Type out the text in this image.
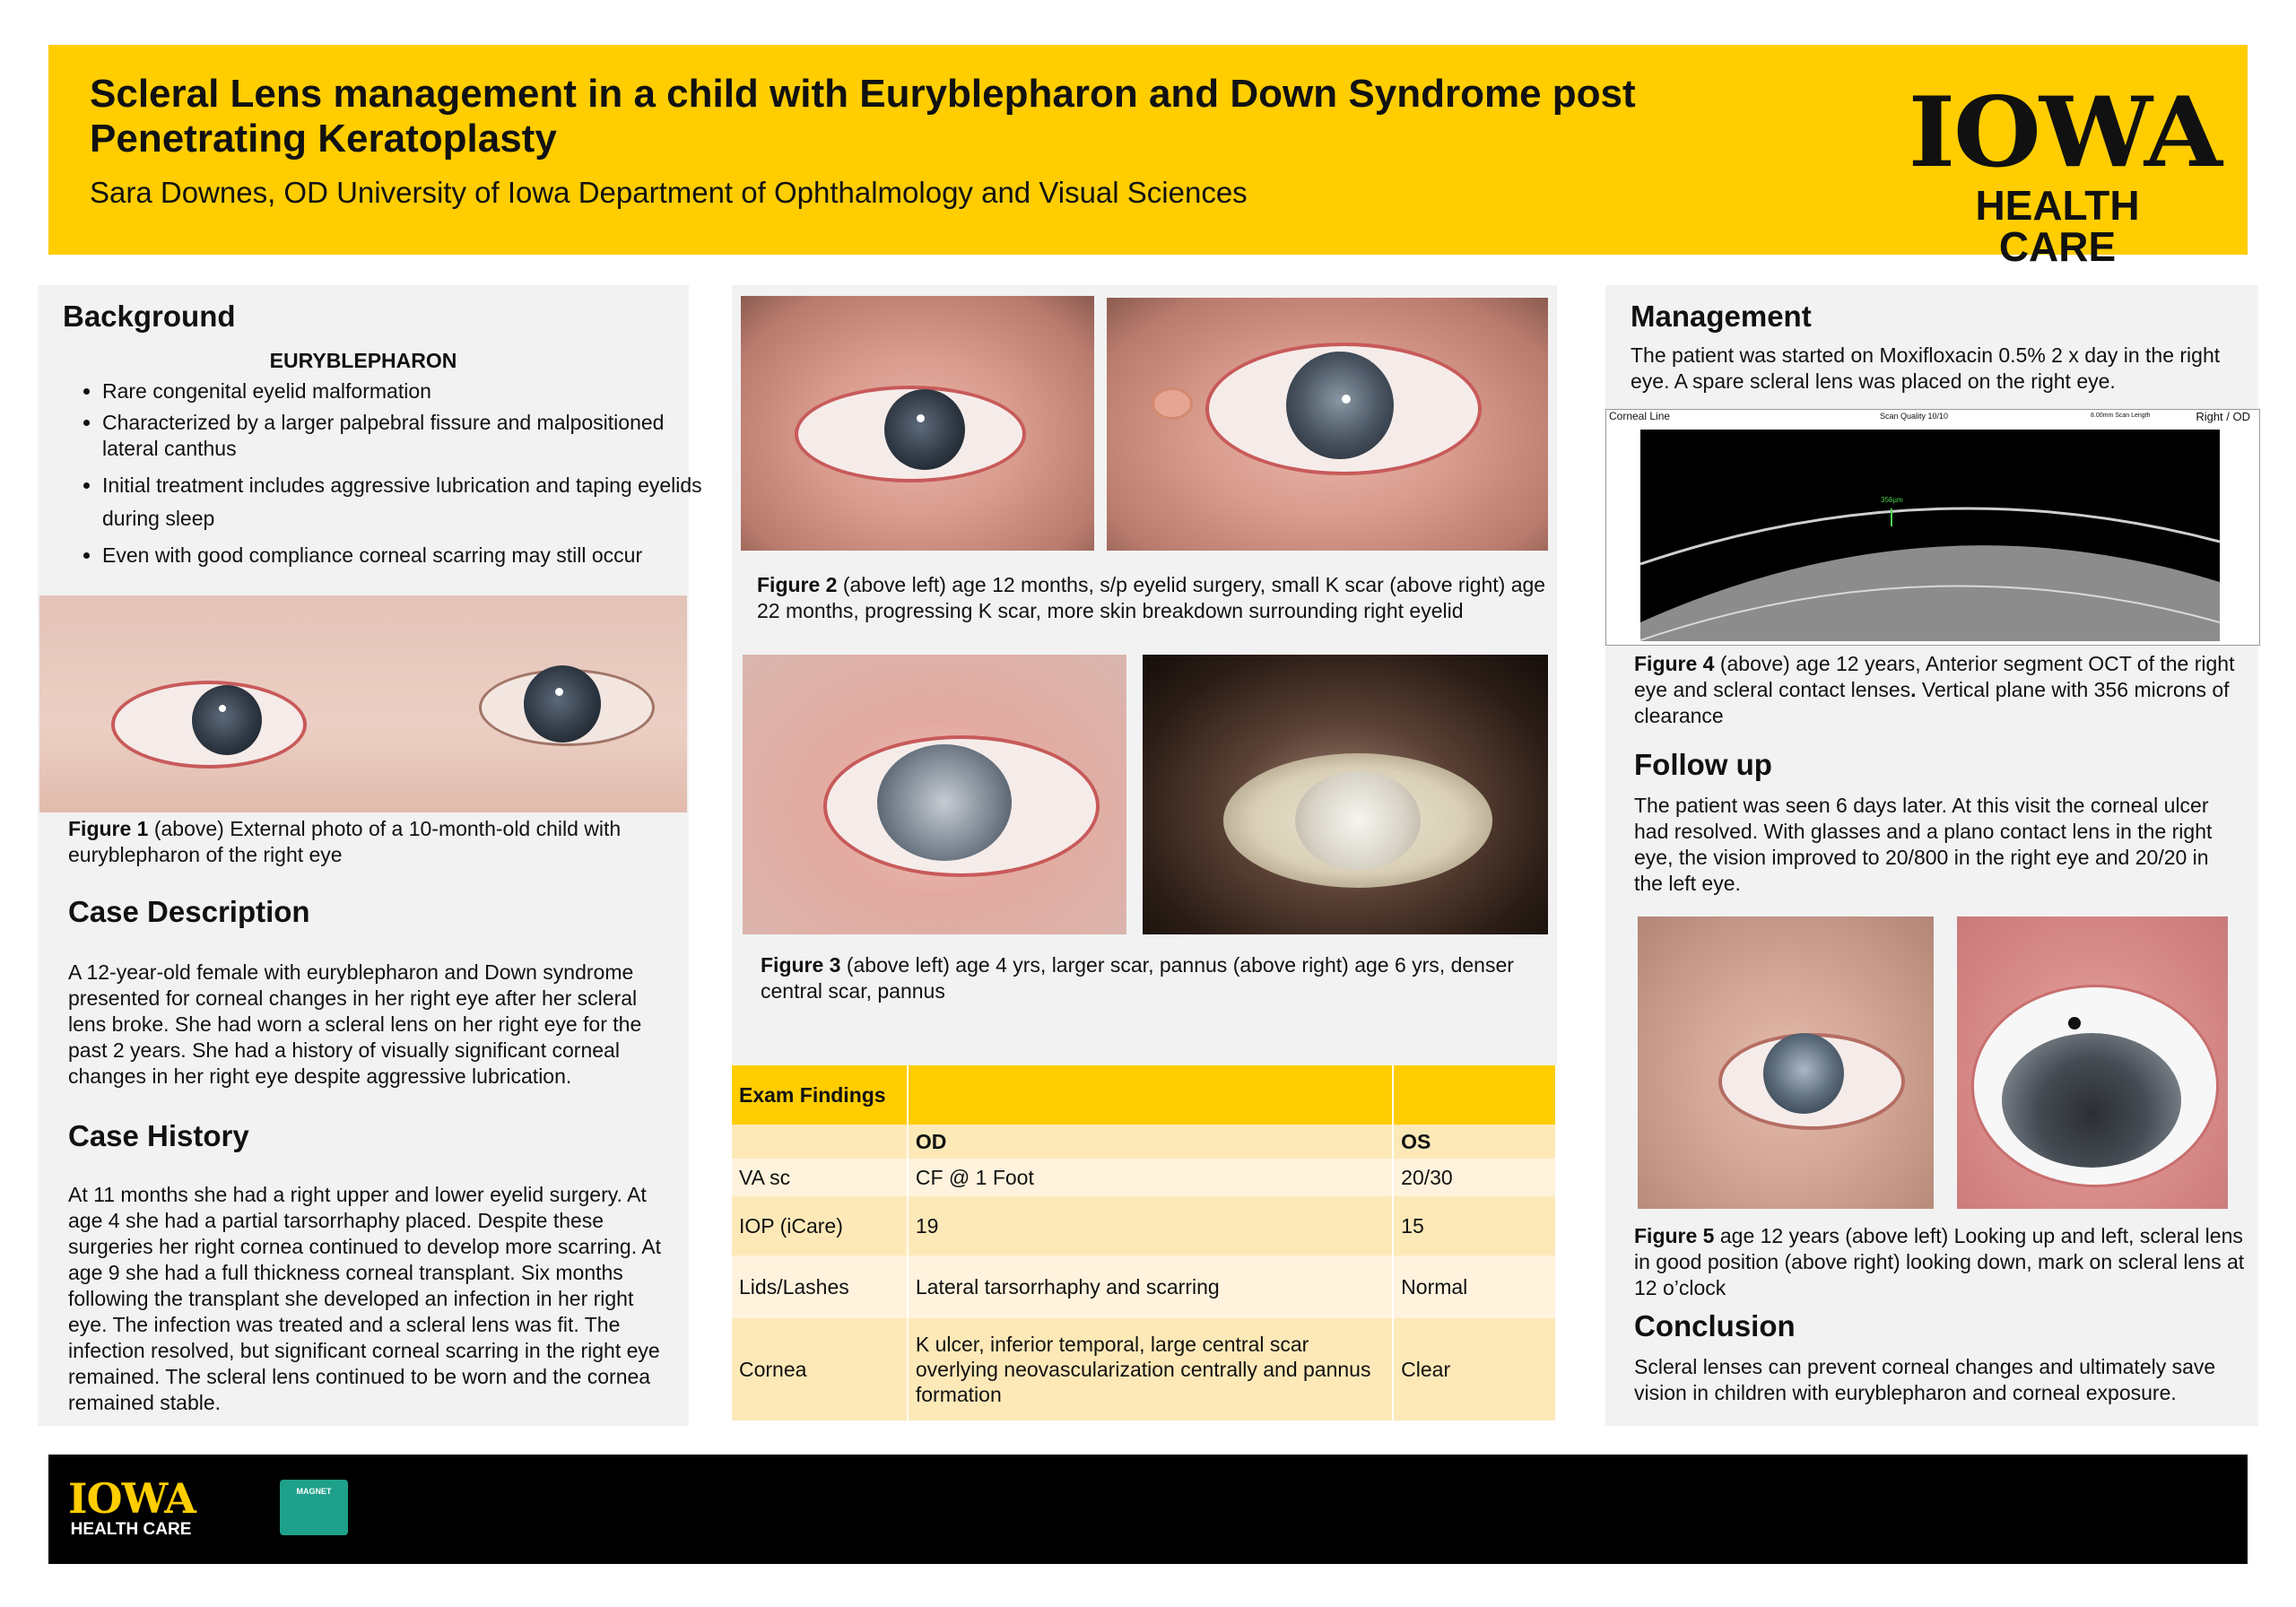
Scleral Lens management in a child with Euryblepharon and Down Syndrome post Penetrating Keratoplasty
Sara Downes, OD University of Iowa Department of Ophthalmology and Visual Sciences
IOWA
HEALTH CARE
Background
EURYBLEPHARON
• Rare congenital eyelid malformation
• Characterized by a larger palpebral fissure and malpositioned lateral canthus
• Initial treatment includes aggressive lubrication and taping eyelids during sleep
• Even with good compliance corneal scarring may still occur
Figure 1 (above) External photo of a 10-month-old child with euryblepharon of the right eye
Case Description
A 12-year-old female with euryblepharon and Down syndrome presented for corneal changes in her right eye after her scleral lens broke. She had worn a scleral lens on her right eye for the past 2 years. She had a history of visually significant corneal changes in her right eye despite aggressive lubrication.
Case History
At 11 months she had a right upper and lower eyelid surgery. At age 4 she had a partial tarsorrhaphy placed. Despite these surgeries her right cornea continued to develop more scarring. At age 9 she had a full thickness corneal transplant. Six months following the transplant she developed an infection in her right eye. The infection was treated and a scleral lens was fit. The infection resolved, but significant corneal scarring in the right eye remained. The scleral lens continued to be worn and the cornea remained stable.
Figure 2 (above left) age 12 months, s/p eyelid surgery, small K scar (above right) age 22 months, progressing K scar, more skin breakdown surrounding right eyelid
Figure 3 (above left) age 4 yrs, larger scar, pannus (above right) age 6 yrs, denser central scar, pannus
Exam Findings		
	OD	OS
VA sc	CF @ 1 Foot	20/30
IOP (iCare)	19	15
Lids/Lashes	Lateral tarsorrhaphy and scarring	Normal
Cornea	K ulcer, inferior temporal, large central scar overlying neovascularization centrally and pannus formation	Clear
Management
The patient was started on Moxifloxacin 0.5% 2 x day in the right eye. A spare scleral lens was placed on the right eye.
Corneal Line	Scan Quality 10/10	8.00mm Scan Length	Right / OD
356µm
Figure 4 (above) age 12 years, Anterior segment OCT of the right eye and scleral contact lenses. Vertical plane with 356 microns of clearance
Follow up
The patient was seen 6 days later. At this visit the corneal ulcer had resolved. With glasses and a plano contact lens in the right eye, the vision improved to 20/800 in the right eye and 20/20 in the left eye.
Figure 5 age 12 years (above left) Looking up and left, scleral lens in good position (above right) looking down, mark on scleral lens at 12 o’clock
Conclusion
Scleral lenses can prevent corneal changes and ultimately save vision in children with euryblepharon and corneal exposure.
IOWA
HEALTH CARE
MAGNET
